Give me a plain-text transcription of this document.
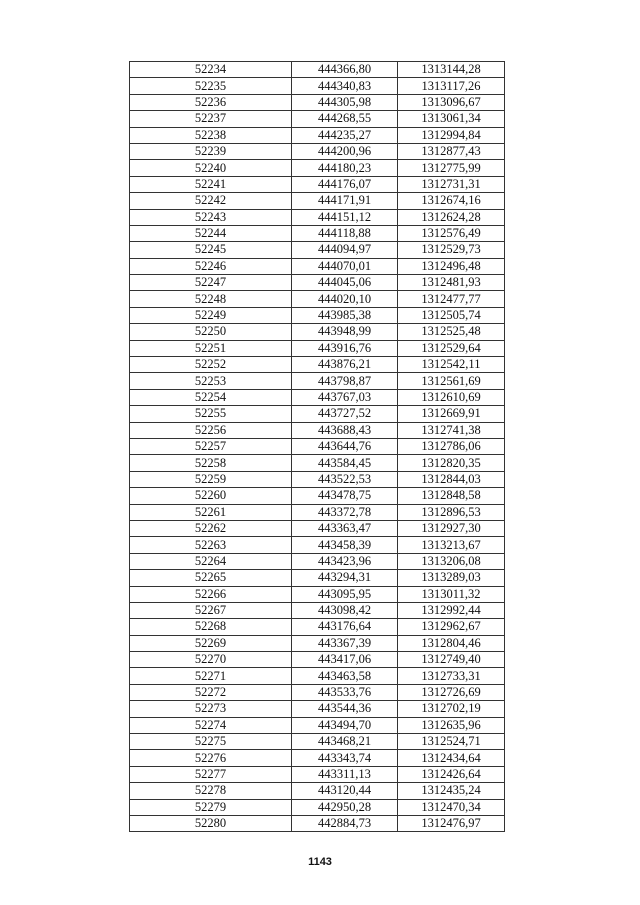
52234	444366,80	1313144,28
52235	444340,83	1313117,26
52236	444305,98	1313096,67
52237	444268,55	1313061,34
52238	444235,27	1312994,84
52239	444200,96	1312877,43
52240	444180,23	1312775,99
52241	444176,07	1312731,31
52242	444171,91	1312674,16
52243	444151,12	1312624,28
52244	444118,88	1312576,49
52245	444094,97	1312529,73
52246	444070,01	1312496,48
52247	444045,06	1312481,93
52248	444020,10	1312477,77
52249	443985,38	1312505,74
52250	443948,99	1312525,48
52251	443916,76	1312529,64
52252	443876,21	1312542,11
52253	443798,87	1312561,69
52254	443767,03	1312610,69
52255	443727,52	1312669,91
52256	443688,43	1312741,38
52257	443644,76	1312786,06
52258	443584,45	1312820,35
52259	443522,53	1312844,03
52260	443478,75	1312848,58
52261	443372,78	1312896,53
52262	443363,47	1312927,30
52263	443458,39	1313213,67
52264	443423,96	1313206,08
52265	443294,31	1313289,03
52266	443095,95	1313011,32
52267	443098,42	1312992,44
52268	443176,64	1312962,67
52269	443367,39	1312804,46
52270	443417,06	1312749,40
52271	443463,58	1312733,31
52272	443533,76	1312726,69
52273	443544,36	1312702,19
52274	443494,70	1312635,96
52275	443468,21	1312524,71
52276	443343,74	1312434,64
52277	443311,13	1312426,64
52278	443120,44	1312435,24
52279	442950,28	1312470,34
52280	442884,73	1312476,97
1143
